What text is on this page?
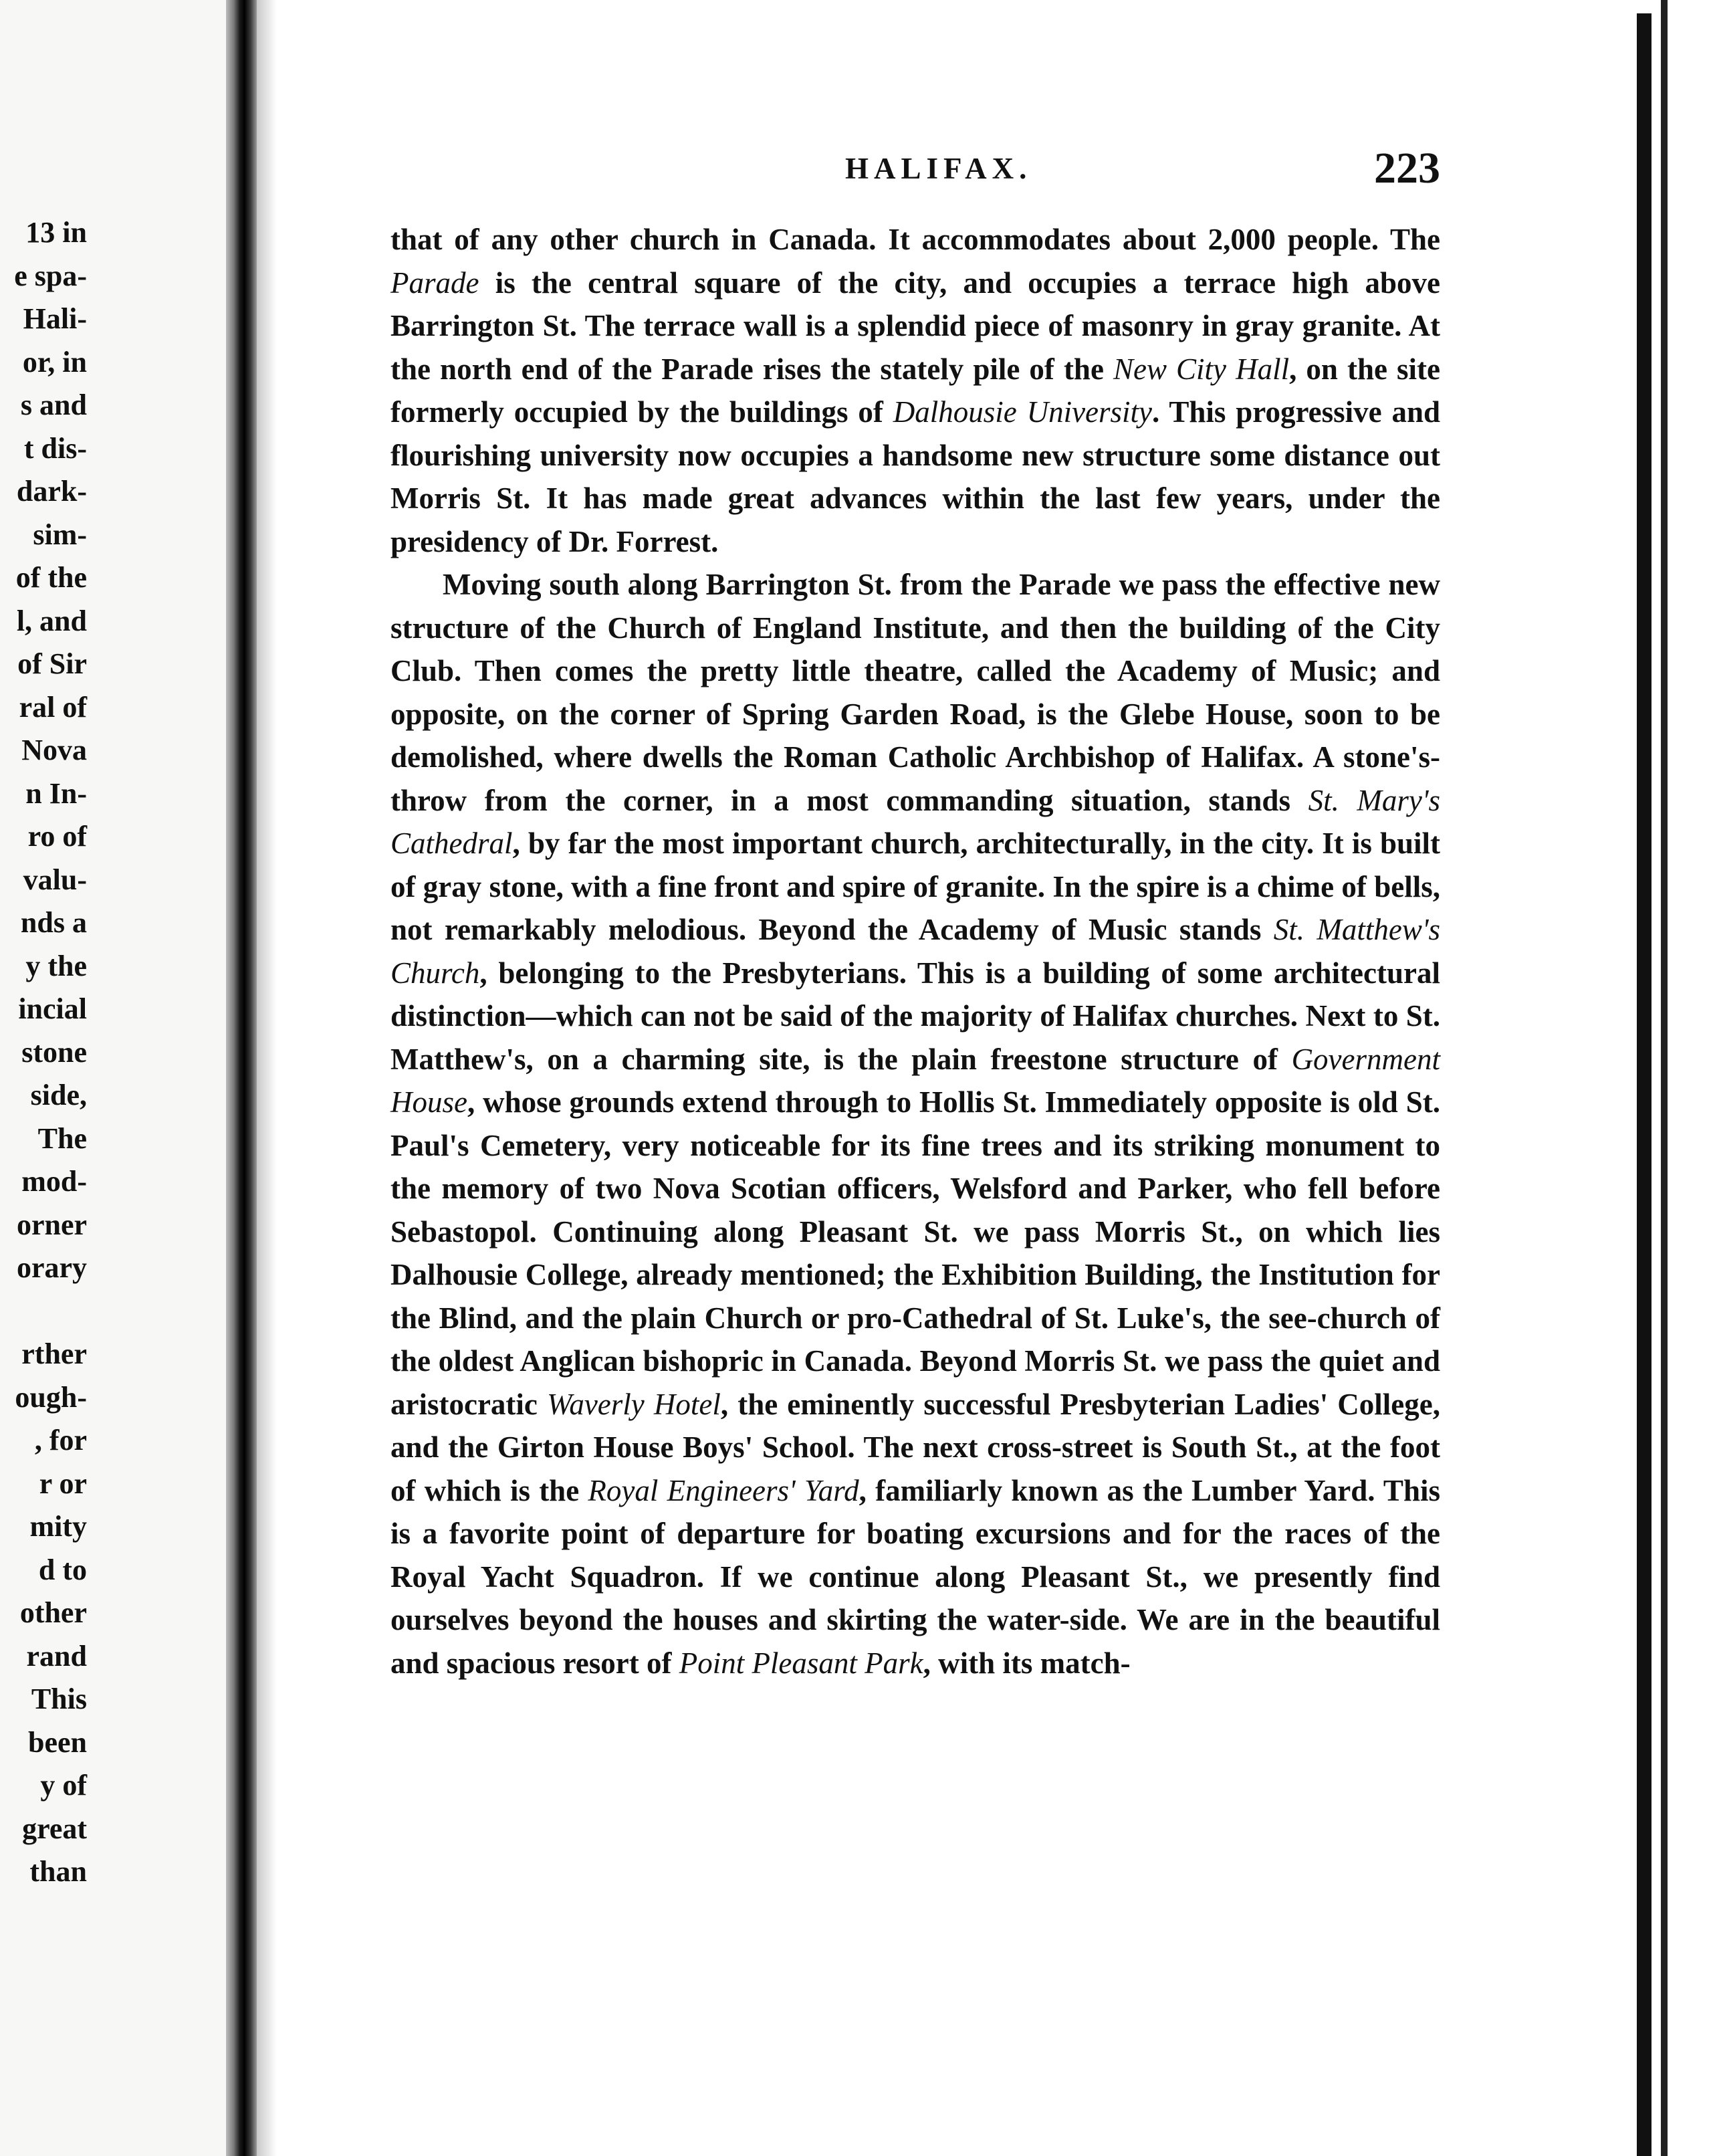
13 in
e spa-
Hali-
or, in
s and
t dis-
dark-
sim-
of the
l, and
of Sir
ral of
Nova
n In-
ro of
valu-
nds a
y the
incial
stone
side,
The
mod-
orner
orary
rther
ough-
, for
r or
mity
d to
other
rand
This
been
y of
great
than
HALIFAX.	223

that of any other church in Canada. It accommodates about 2,000 people. The Parade is the central square of the city, and occupies a terrace high above Barrington St. The terrace wall is a splendid piece of masonry in gray granite. At the north end of the Parade rises the stately pile of the New City Hall, on the site formerly occupied by the buildings of Dalhousie University. This progressive and flourishing university now occupies a handsome new structure some distance out Morris St. It has made great advances within the last few years, under the presidency of Dr. Forrest.

Moving south along Barrington St. from the Parade we pass the effective new structure of the Church of England Institute, and then the building of the City Club. Then comes the pretty little theatre, called the Academy of Music; and opposite, on the corner of Spring Garden Road, is the Glebe House, soon to be demolished, where dwells the Roman Catholic Archbishop of Halifax. A stone's-throw from the corner, in a most commanding situation, stands St. Mary's Cathedral, by far the most important church, architecturally, in the city. It is built of gray stone, with a fine front and spire of granite. In the spire is a chime of bells, not remarkably melodious. Beyond the Academy of Music stands St. Matthew's Church, belonging to the Presbyterians. This is a building of some architectural distinction—which can not be said of the majority of Halifax churches. Next to St. Matthew's, on a charming site, is the plain freestone structure of Government House, whose grounds extend through to Hollis St. Immediately opposite is old St. Paul's Cemetery, very noticeable for its fine trees and its striking monument to the memory of two Nova Scotian officers, Welsford and Parker, who fell before Sebastopol. Continuing along Pleasant St. we pass Morris St., on which lies Dalhousie College, already mentioned; the Exhibition Building, the Institution for the Blind, and the plain Church or pro-Cathedral of St. Luke's, the see-church of the oldest Anglican bishopric in Canada. Beyond Morris St. we pass the quiet and aristocratic Waverly Hotel, the eminently successful Presbyterian Ladies' College, and the Girton House Boys' School. The next cross-street is South St., at the foot of which is the Royal Engineers' Yard, familiarly known as the Lumber Yard. This is a favorite point of departure for boating excursions and for the races of the Royal Yacht Squadron. If we continue along Pleasant St., we presently find ourselves beyond the houses and skirting the water-side. We are in the beautiful and spacious resort of Point Pleasant Park, with its match-
